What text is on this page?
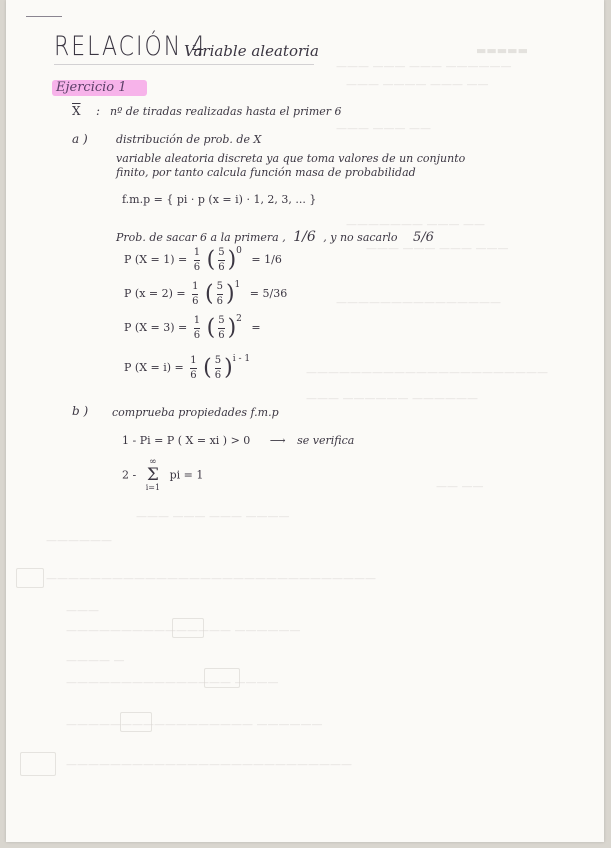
▬▬▬▬▬
——— ——— ——— ——————
——— ———— ——— ——
——— ——— ——
——————— ——— ——
——— ——— ——— ———
———————————————
——————————————————————
——— —————— ——————
—— ——
——— ——— ——— ————
——————
——————————————————————————————
———
——————————————— ——————
———— —
——————————————— ————
————————————————— ——————
——————————————————————————
RELACIÓN 4
Variable aleatoria
Ejercicio 1
$\overline{X}$ : nº de tiradas realizadas hasta el primer 6
a )	distribución de prob. de X
variable aleatoria discreta ya que toma valores de un conjunto
finito, por tanto calcula función masa de probabilidad
f.m.p = { pi · p (x = i) · 1, 2, 3, ... }
Prob. de sacar 6 a la primera , 1/6 , y no sacarlo 5/6
P $(X = 1) = \frac{1}{6}$ ( $\frac{5}{6} )^0 = 1/6$
P $(x = 2) = \frac{1}{6}$ ( $\frac{5}{6} )^1 = 5/36$
P $(X = 3) = \frac{1}{6}$ ( $\frac{5}{6} )^2$ =
P $(X = i) = \frac{1}{6}$ ( $\frac{5}{6} )^{i - 1}$
b ) comprueba propiedades f.m.p
1 - Pi = P ( X = xi ) > 0 ⟶ se verifica
2 -
∞
Σ
i=1
pi = 1
